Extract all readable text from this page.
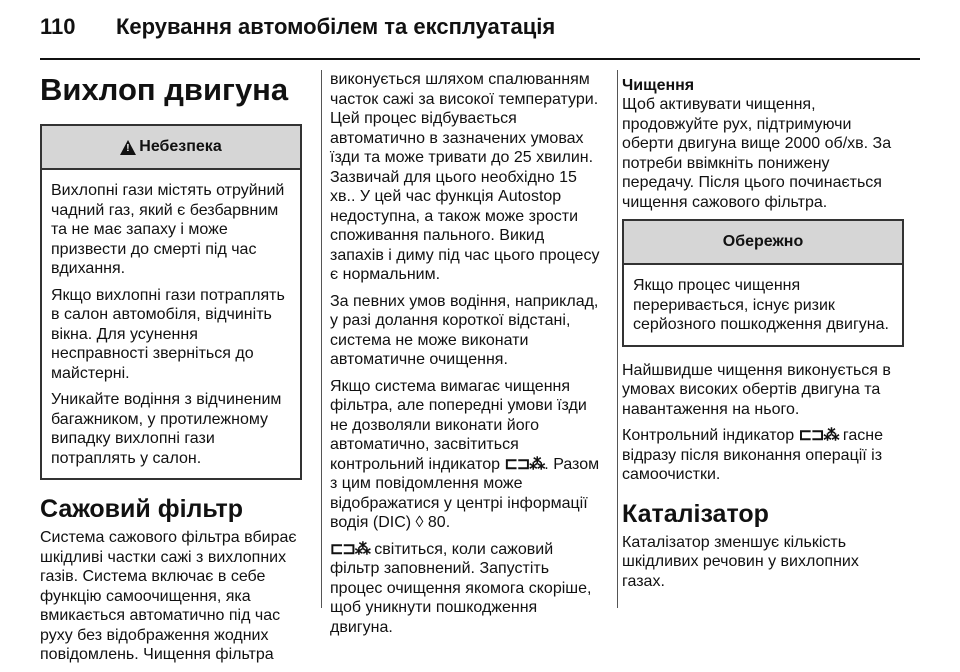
110 Керування автомобілем та експлуатація
Вихлоп двигуна
!
Небезпека

Вихлопні гази містять отруйний чадний газ, який є безбарвним та не має запаху і може призвести до смерті під час вдихання.

Якщо вихлопні гази потраплять в салон автомобіля, відчиніть вікна. Для усунення несправності зверніться до майстерні.

Уникайте водіння з відчиненим багажником, у протилежному випадку вихлопні гази потраплять у салон.

Сажовий фільтр

Система сажового фільтра вбирає шкідливі частки сажі з вихлопних газів. Система включає в себе функцію самоочищення, яка вмикається автоматично під час руху без відображення жодних повідомлень. Чищення фільтра

виконується шляхом спалюванням часток сажі за високої температури. Цей процес відбувається автоматично в зазначених умовах їзди та може тривати до 25 хвилин. Зазвичай для цього необхідно 15 хв.. У цей час функція Autostop недоступна, а також може зрости споживання пального. Викид запахів і диму під час цього процесу є нормальним.

За певних умов водіння, наприклад, у разі долання короткої відстані, система не може виконати автоматичне очищення.

Якщо система вимагає чищення фільтра, але попередні умови їзди не дозволяли виконати його автоматично, засвітиться контрольний індикатор ⊏⊐⁂. Разом з цим повідомлення може відображатися у центрі інформації водія (DIC) ◊ 80.

⊏⊐⁂ світиться, коли сажовий фільтр заповнений. Запустіть процес очищення якомога скоріше, щоб уникнути пошкодження двигуна.

Чищення

Щоб активувати чищення, продовжуйте рух, підтримуючи оберти двигуна вище 2000 об/хв. За потреби ввімкніть понижену передачу. Після цього починається чищення сажового фільтра.

Обережно

Якщо процес чищення переривається, існує ризик серйозного пошкодження двигуна.

Найшвидше чищення виконується в умовах високих обертів двигуна та навантаження на нього.

Контрольний індикатор ⊏⊐⁂ гасне відразу після виконання операції із самоочистки.

Каталізатор

Каталізатор зменшує кількість шкідливих речовин у вихлопних газах.
